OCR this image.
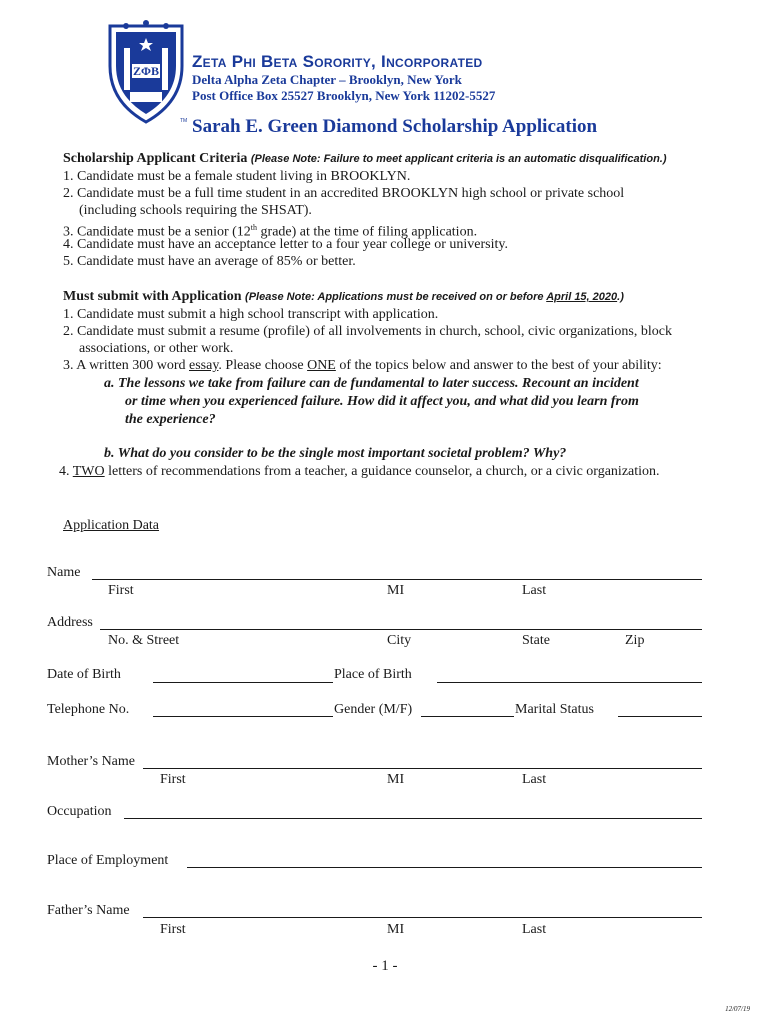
ΖΦΒ
TM
Zeta Phi Beta Sorority, Incorporated
Delta Alpha Zeta Chapter – Brooklyn, New York
Post Office Box 25527 Brooklyn, New York 11202-5527
Sarah E. Green Diamond Scholarship Application
Scholarship Applicant Criteria (Please Note: Failure to meet applicant criteria is an automatic disqualification.)
1. Candidate must be a female student living in BROOKLYN.
2. Candidate must be a full time student in an accredited BROOKLYN high school or private school
(including schools requiring the SHSAT).
3. Candidate must be a senior (12th grade) at the time of filing application.
4. Candidate must have an acceptance letter to a four year college or university.
5. Candidate must have an average of 85% or better.
Must submit with Application (Please Note: Applications must be received on or before April 15, 2020.)
1. Candidate must submit a high school transcript with application.
2. Candidate must submit a resume (profile) of all involvements in church, school, civic organizations, block
associations, or other work.
3. A written 300 word essay. Please choose ONE of the topics below and answer to the best of your ability:
a. The lessons we take from failure can de fundamental to later success. Recount an incident
or time when you experienced failure. How did it affect you, and what did you learn from
the experience?
b. What do you consider to be the single most important societal problem? Why?
4. TWO letters of recommendations from a teacher, a guidance counselor, a church, or a civic organization.
Application Data
Name
First	MI	Last
Address
No. & Street	City	State	Zip
Date of Birth	Place of Birth
Telephone No.	Gender (M/F)	Marital Status
Mother’s Name
First	MI	Last
Occupation
Place of Employment
Father’s Name
First	MI	Last
- 1 -
12/07/19
